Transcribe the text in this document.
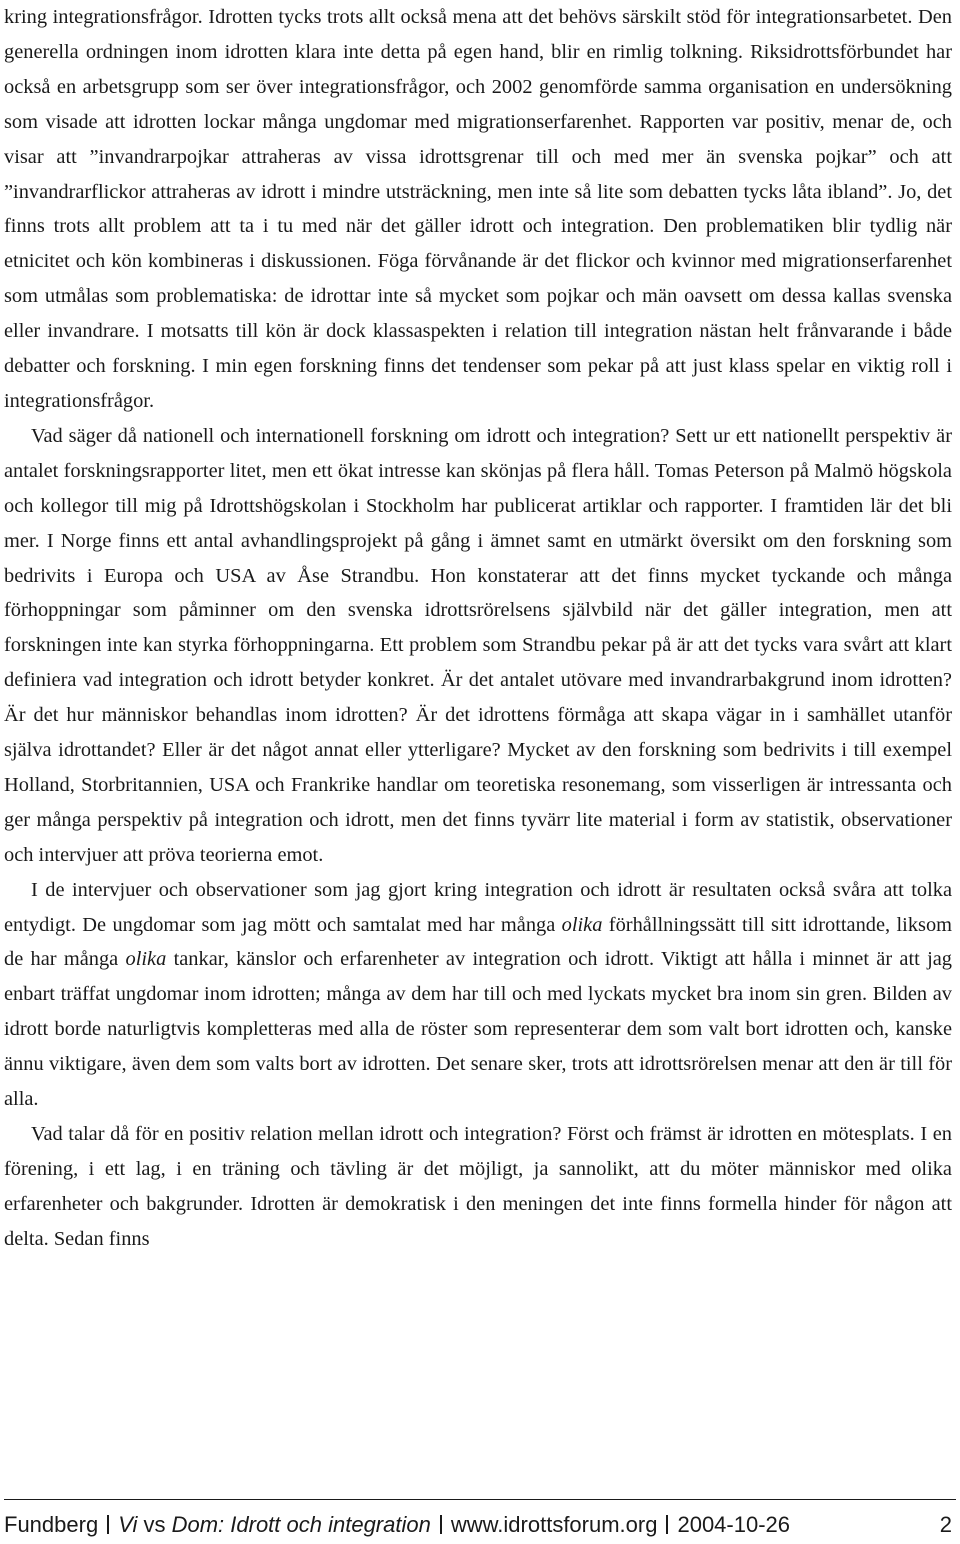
kring integrationsfrågor. Idrotten tycks trots allt också mena att det behövs särskilt stöd för integrationsarbetet. Den generella ordningen inom idrotten klara inte detta på egen hand, blir en rimlig tolkning. Riksidrottsförbundet har också en arbetsgrupp som ser över integrationsfrågor, och 2002 genomförde samma organisation en undersökning som visade att idrotten lockar många ungdomar med migrationserfarenhet. Rapporten var positiv, menar de, och visar att ”invandrarpojkar attraheras av vissa idrottsgrenar till och med mer än svenska pojkar” och att ”invandrarflickor attraheras av idrott i mindre utsträckning, men inte så lite som debatten tycks låta ibland”. Jo, det finns trots allt problem att ta i tu med när det gäller idrott och integration. Den problematiken blir tydlig när etnicitet och kön kombineras i diskussionen. Föga förvånande är det flickor och kvinnor med migrationserfarenhet som utmålas som problematiska: de idrottar inte så mycket som pojkar och män oavsett om dessa kallas svenska eller invandrare. I motsatts till kön är dock klassaspekten i relation till integration nästan helt frånvarande i både debatter och forskning. I min egen forskning finns det tendenser som pekar på att just klass spelar en viktig roll i integrationsfrågor.

Vad säger då nationell och internationell forskning om idrott och integration? Sett ur ett nationellt perspektiv är antalet forskningsrapporter litet, men ett ökat intresse kan skönjas på flera håll. Tomas Peterson på Malmö högskola och kollegor till mig på Idrottshögskolan i Stockholm har publicerat artiklar och rapporter. I framtiden lär det bli mer. I Norge finns ett antal avhandlingsprojekt på gång i ämnet samt en utmärkt översikt om den forskning som bedrivits i Europa och USA av Åse Strandbu. Hon konstaterar att det finns mycket tyckande och många förhoppningar som påminner om den svenska idrottsrörelsens självbild när det gäller integration, men att forskningen inte kan styrka förhoppningarna. Ett problem som Strandbu pekar på är att det tycks vara svårt att klart definiera vad integration och idrott betyder konkret. Är det antalet utövare med invandrarbakgrund inom idrotten? Är det hur människor behandlas inom idrotten? Är det idrottens förmåga att skapa vägar in i samhället utanför själva idrottandet? Eller är det något annat eller ytterligare? Mycket av den forskning som bedrivits i till exempel Holland, Storbritannien, USA och Frankrike handlar om teoretiska resonemang, som visserligen är intressanta och ger många perspektiv på integration och idrott, men det finns tyvärr lite material i form av statistik, observationer och intervjuer att pröva teorierna emot.

I de intervjuer och observationer som jag gjort kring integration och idrott är resultaten också svåra att tolka entydigt. De ungdomar som jag mött och samtalat med har många olika förhållningssätt till sitt idrottande, liksom de har många olika tankar, känslor och erfarenheter av integration och idrott. Viktigt att hålla i minnet är att jag enbart träffat ungdomar inom idrotten; många av dem har till och med lyckats mycket bra inom sin gren. Bilden av idrott borde naturligtvis kompletteras med alla de röster som representerar dem som valt bort idrotten och, kanske ännu viktigare, även dem som valts bort av idrotten. Det senare sker, trots att idrottsrörelsen menar att den är till för alla.

Vad talar då för en positiv relation mellan idrott och integration? Först och främst är idrotten en mötesplats. I en förening, i ett lag, i en träning och tävling är det möjligt, ja sannolikt, att du möter människor med olika erfarenheter och bakgrunder. Idrotten är demokratisk i den meningen det inte finns formella hinder för någon att delta. Sedan finns

Fundberg Vi vs Dom: Idrott och integration www.idrottsforum.org 2004-10-26	2
